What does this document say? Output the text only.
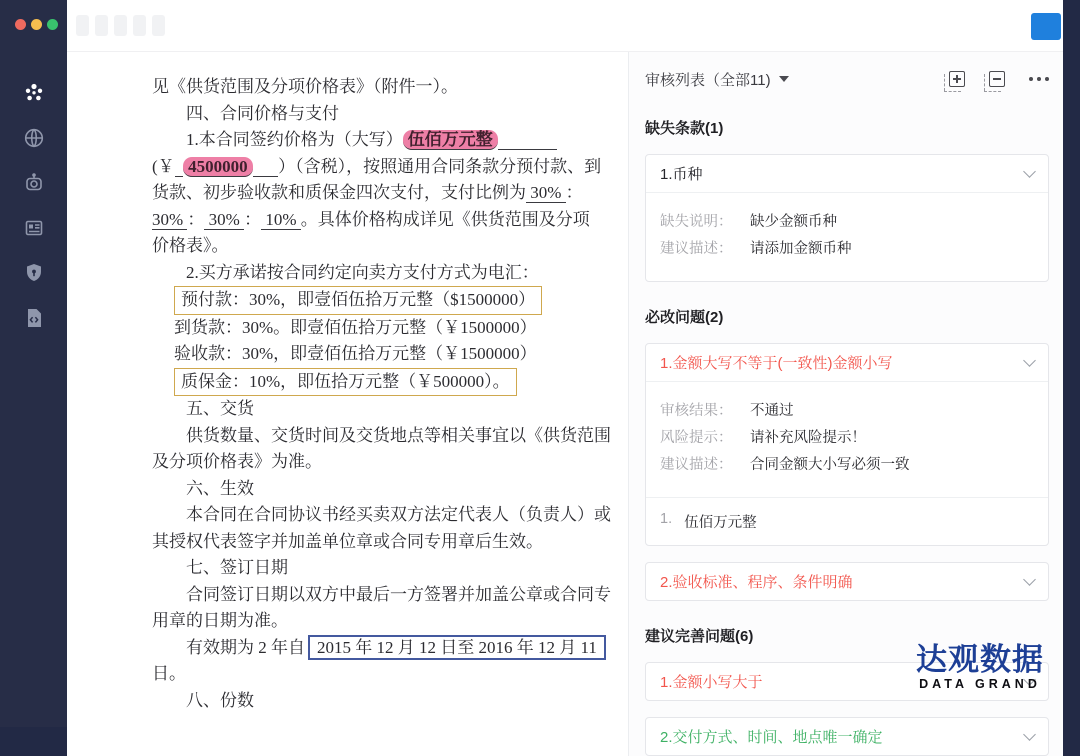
见《供货范围及分项价格表》（附件一）。
四、合同价格与支付
1.本合同签约价格为（大写） 伍佰万元整
(￥ 4500000 ）（含税），按照通用合同条款分预付款、到
货款、初步验收款和质保金四次支付，支付比例为 30% ：
30% ： 30% ： 10% 。具体价格构成详见《供货范围及分项
价格表》。
2.买方承诺按合同约定向卖方支付方式为电汇：
预付款：30%，即壹佰伍拾万元整（$1500000）
到货款：30%。即壹佰伍拾万元整（￥1500000）
验收款：30%，即壹佰伍拾万元整（￥1500000）
质保金：10%，即伍拾万元整（￥500000）。
五、交货
供货数量、交货时间及交货地点等相关事宜以《供货范围
及分项价格表》为准。
六、生效
本合同在合同协议书经买卖双方法定代表人（负责人）或
其授权代表签字并加盖单位章或合同专用章后生效。
七、签订日期
合同签订日期以双方中最后一方签署并加盖公章或合同专
用章的日期为准。
有效期为 2 年自 2015 年 12 月 12 日至 2016 年 12 月 11
日。
八、份数
审核列表（全部11)
缺失条款(1)
1.币种
缺失说明：	缺少金额币种
建议描述：	请添加金额币种
必改问题(2)
1.金额大写不等于(一致性)金额小写
审核结果：	不通过
风险提示：	请补充风险提示！
建议描述：	合同金额大小写必须一致
1. 伍佰万元整
2.验收标准、程序、条件明确
建议完善问题(6)
1.金额小写大于
2.交付方式、时间、地点唯一确定
达观数据
DATA GRAND
